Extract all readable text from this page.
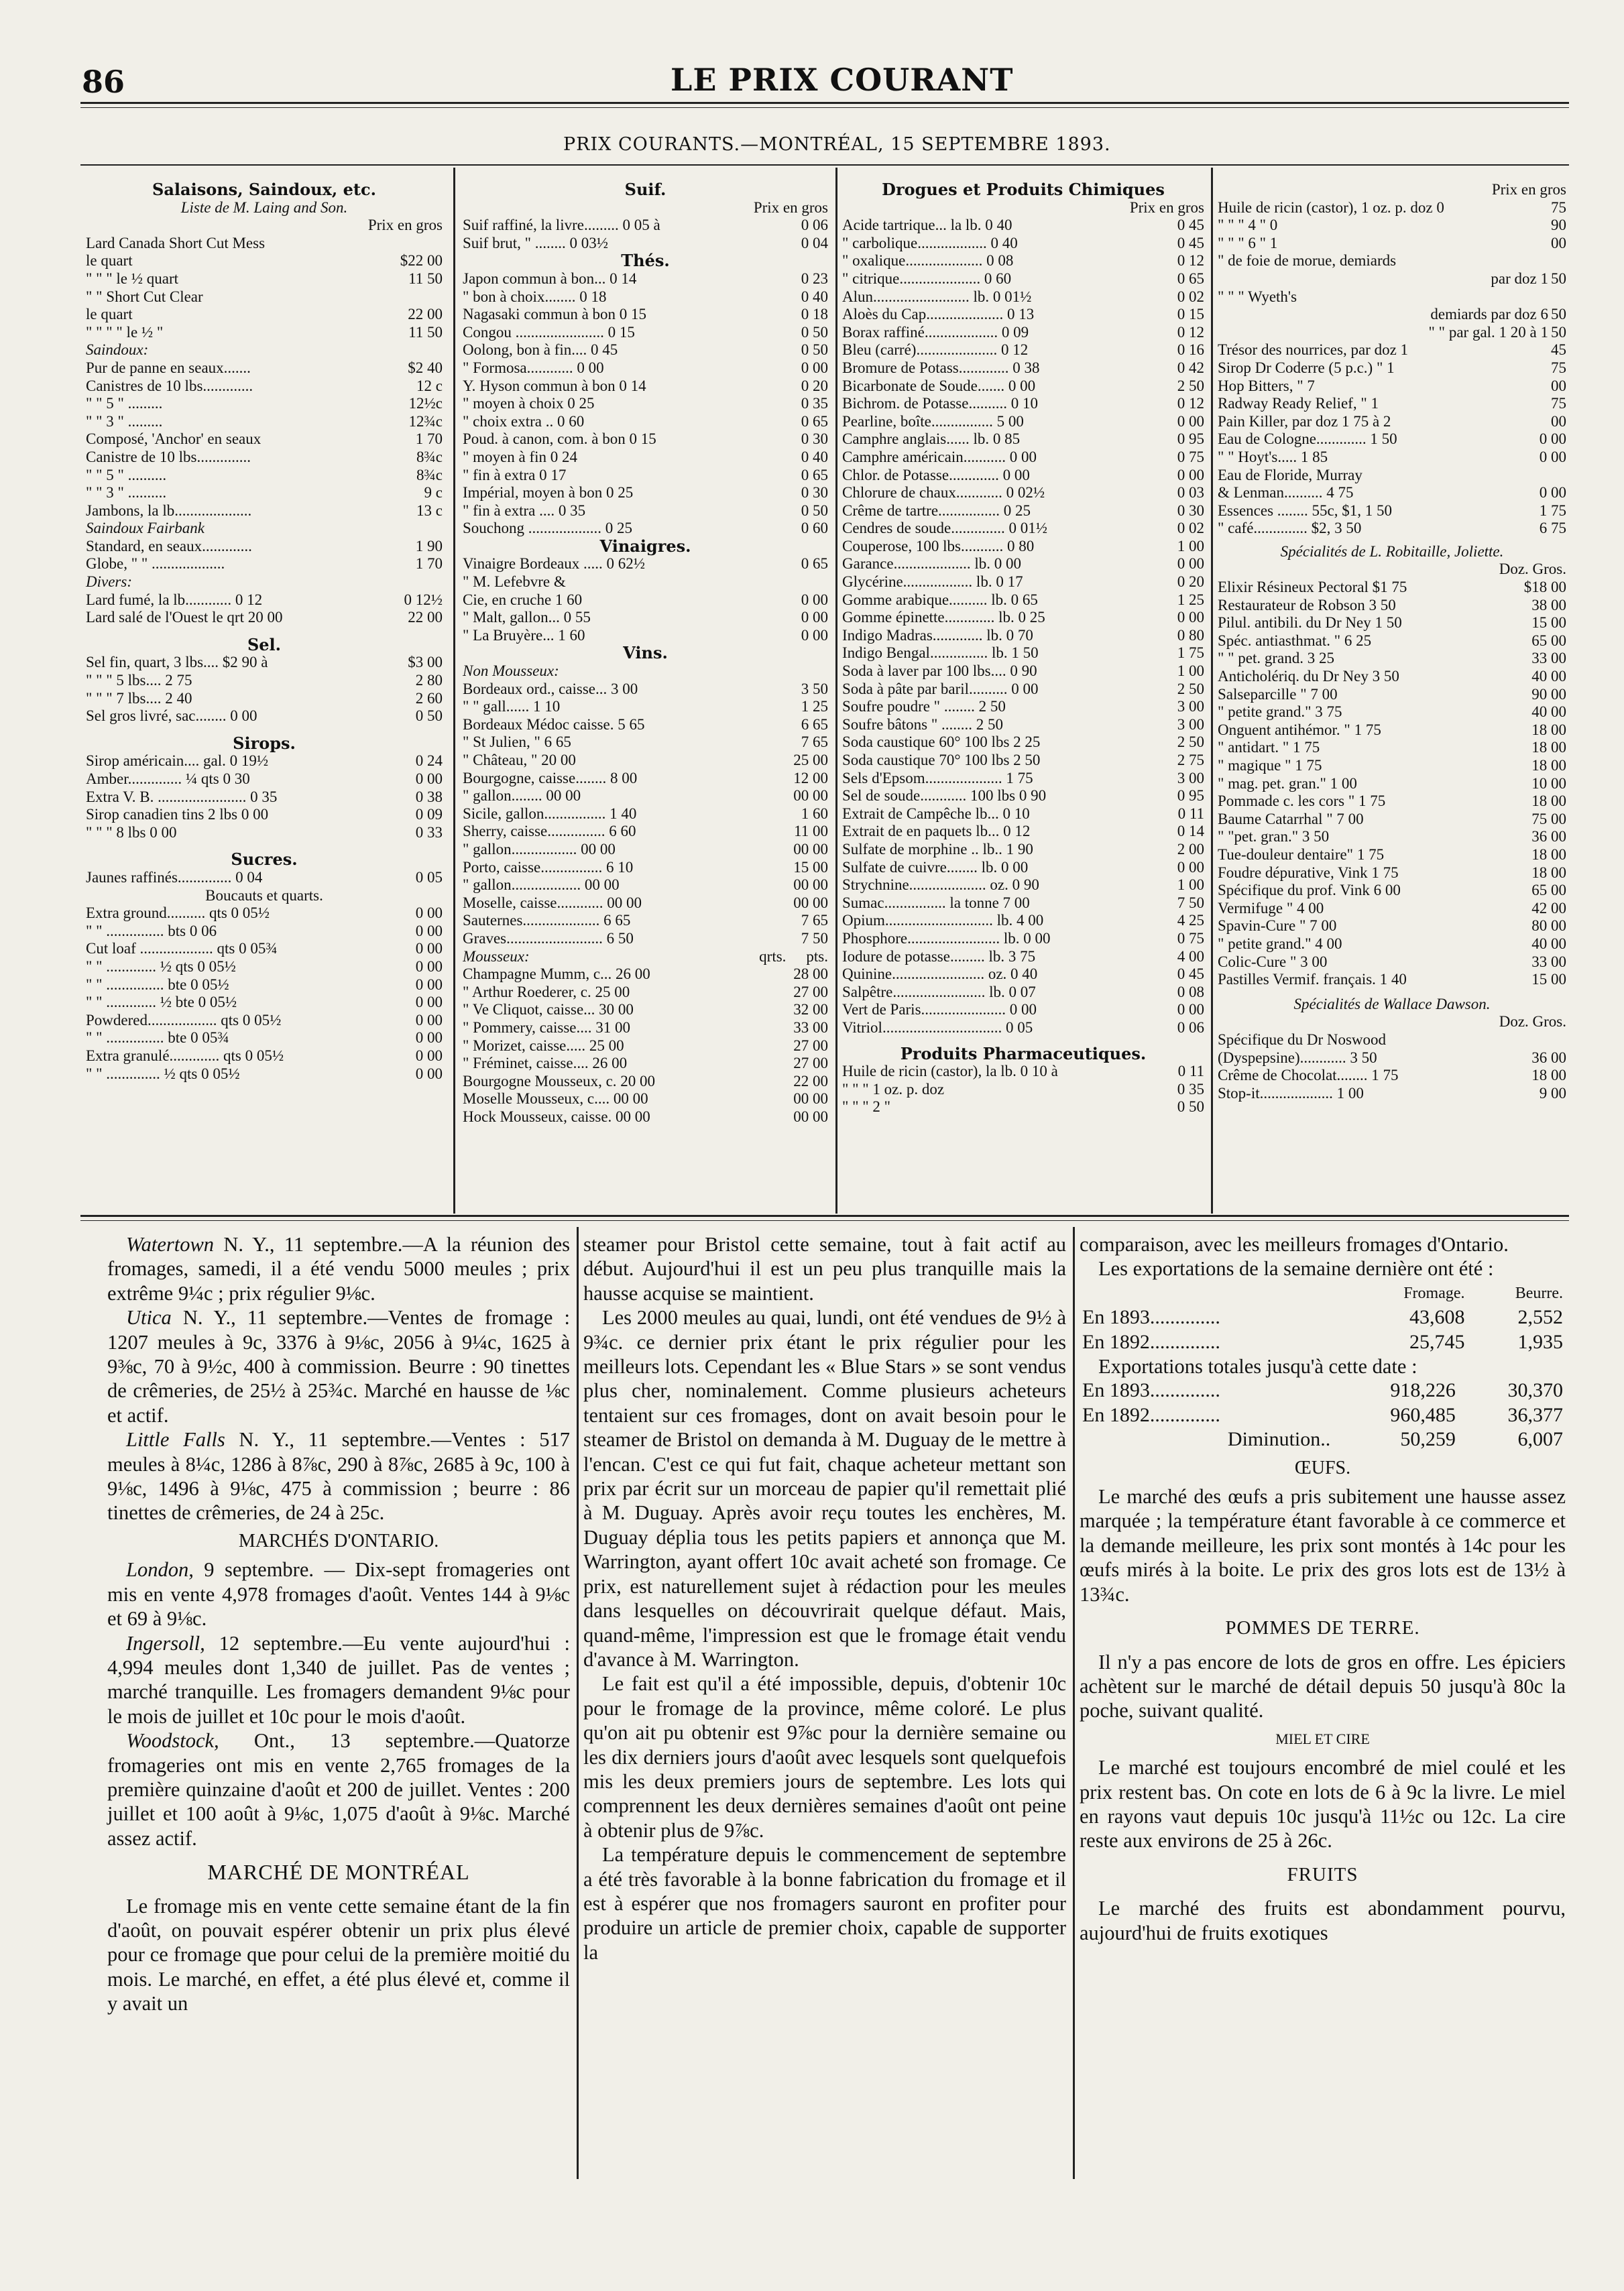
86	LE PRIX COURANT
PRIX COURANTS.—MONTRÉAL, 15 SEPTEMBRE 1893.
Salaisons, Saindoux, etc.
Liste de M. Laing and Son.
Prix en gros
Lard Canada Short Cut Mess
le quart	$22 00
" " " le ½ quart	11 50
" " Short Cut Clear
le quart	22 00
" " " " le ½ "	11 50
Saindoux:
Pur de panne en seaux.......	$2 40
Canistres de 10 lbs.............	12 c
" " 5 " .........	12½c
" " 3 " .........	12¾c
Composé, 'Anchor' en seaux	1 70
Canistre de 10 lbs..............	8¾c
" " 5 " ..........	8¾c
" " 3 " ..........	9 c
Jambons, la lb....................	13 c
Saindoux Fairbank
Standard, en seaux.............	1 90
Globe, " " ...................	1 70
Divers:
Lard fumé, la lb............ 0 12	0 12½
Lard salé de l'Ouest le qrt 20 00	22 00
Sel.
Sel fin, quart, 3 lbs.... $2 90 à	$3 00
" " " 5 lbs.... 2 75	2 80
" " " 7 lbs.... 2 40	2 60
Sel gros livré, sac........ 0 00	0 50
Sirops.
Sirop américain.... gal. 0 19½	0 24
Amber.............. ¼ qts 0 30	0 00
Extra V. B. ....................... 0 35	0 38
Sirop canadien tins 2 lbs 0 00	0 09
" " " 8 lbs 0 00	0 33
Sucres.
Jaunes raffinés.............. 0 04	0 05
Boucauts et quarts.
Extra ground.......... qts 0 05½	0 00
" " ............... bts 0 06	0 00
Cut loaf ................... qts 0 05¾	0 00
" " ............. ½ qts 0 05½	0 00
" " ............... bte 0 05½	0 00
" " ............. ½ bte 0 05½	0 00
Powdered.................. qts 0 05½	0 00
" " ............... bte 0 05¾	0 00
Extra granulé............. qts 0 05½	0 00
" " .............. ½ qts 0 05½	0 00
Suif.
Prix en gros
Suif raffiné, la livre......... 0 05 à	0 06
Suif brut, " ........ 0 03½	0 04
Thés.
Japon commun à bon... 0 14	0 23
" bon à choix........ 0 18	0 40
Nagasaki commun à bon 0 15	0 18
Congou ....................... 0 15	0 50
Oolong, bon à fin.... 0 45	0 50
" Formosa............ 0 00	0 00
Y. Hyson commun à bon 0 14	0 20
" moyen à choix 0 25	0 35
" choix extra .. 0 60	0 65
Poud. à canon, com. à bon 0 15	0 30
" moyen à fin 0 24	0 40
" fin à extra 0 17	0 65
Impérial, moyen à bon 0 25	0 30
" fin à extra .... 0 35	0 50
Souchong ................... 0 25	0 60
Vinaigres.
Vinaigre Bordeaux ..... 0 62½	0 65
" M. Lefebvre &
Cie, en cruche 1 60	0 00
" Malt, gallon... 0 55	0 00
" La Bruyère... 1 60	0 00
Vins.
Non Mousseux:
Bordeaux ord., caisse... 3 00	3 50
" " gall...... 1 10	1 25
Bordeaux Médoc caisse. 5 65	6 65
" St Julien, " 6 65	7 65
" Château, " 20 00	25 00
Bourgogne, caisse........ 8 00	12 00
" gallon........ 00 00	00 00
Sicile, gallon................ 1 40	1 60
Sherry, caisse............... 6 60	11 00
" gallon................. 00 00	00 00
Porto, caisse................ 6 10	15 00
" gallon.................. 00 00	00 00
Moselle, caisse............ 00 00	00 00
Sauternes.................... 6 65	7 65
Graves......................... 6 50	7 50
Mousseux:	qrts. pts.
Champagne Mumm, c... 26 00	28 00
" Arthur Roederer, c. 25 00	27 00
" Ve Cliquot, caisse... 30 00	32 00
" Pommery, caisse.... 31 00	33 00
" Morizet, caisse..... 25 00	27 00
" Fréminet, caisse.... 26 00	27 00
Bourgogne Mousseux, c. 20 00	22 00
Moselle Mousseux, c.... 00 00	00 00
Hock Mousseux, caisse. 00 00	00 00
Drogues et Produits Chimiques
Prix en gros
Acide tartrique... la lb. 0 40	0 45
" carbolique.................. 0 40	0 45
" oxalique.................... 0 08	0 12
" citrique..................... 0 60	0 65
Alun......................... lb. 0 01½	0 02
Aloès du Cap.................... 0 13	0 15
Borax raffiné................... 0 09	0 12
Bleu (carré)..................... 0 12	0 16
Bromure de Potass............. 0 38	0 42
Bicarbonate de Soude....... 0 00	2 50
Bichrom. de Potasse.......... 0 10	0 12
Pearline, boîte................ 5 00	0 00
Camphre anglais...... lb. 0 85	0 95
Camphre américain........... 0 00	0 75
Chlor. de Potasse............. 0 00	0 00
Chlorure de chaux............ 0 02½	0 03
Crême de tartre................ 0 25	0 30
Cendres de soude.............. 0 01½	0 02
Couperose, 100 lbs........... 0 80	1 00
Garance.................... lb. 0 00	0 00
Glycérine.................. lb. 0 17	0 20
Gomme arabique.......... lb. 0 65	1 25
Gomme épinette............. lb. 0 25	0 00
Indigo Madras............. lb. 0 70	0 80
Indigo Bengal............... lb. 1 50	1 75
Soda à laver par 100 lbs.... 0 90	1 00
Soda à pâte par baril.......... 0 00	2 50
Soufre poudre " ........ 2 50	3 00
Soufre bâtons " ........ 2 50	3 00
Soda caustique 60° 100 lbs 2 25	2 50
Soda caustique 70° 100 lbs 2 50	2 75
Sels d'Epsom.................... 1 75	3 00
Sel de soude............ 100 lbs 0 90	0 95
Extrait de Campêche lb... 0 10	0 11
Extrait de en paquets lb... 0 12	0 14
Sulfate de morphine .. lb.. 1 90	2 00
Sulfate de cuivre........ lb. 0 00	0 00
Strychnine.................... oz. 0 90	1 00
Sumac................ la tonne 7 00	7 50
Opium............................ lb. 4 00	4 25
Phosphore........................ lb. 0 00	0 75
Iodure de potasse......... lb. 3 75	4 00
Quinine........................ oz. 0 40	0 45
Salpêtre........................ lb. 0 07	0 08
Vert de Paris...................... 0 00	0 00
Vitriol............................... 0 05	0 06
Produits Pharmaceutiques.
Huile de ricin (castor), la lb. 0 10 à	0 11
" " " 1 oz. p. doz	0 35
" " " 2 "	0 50
Prix en gros
Huile de ricin (castor), 1 oz. p. doz 0	75
" " " 4 " 0	90
" " " 6 " 1	00
" de foie de morue, demiards
par doz 1 50
" " " Wyeth's
demiards par doz 6 50
" " par gal. 1 20 à 1 50
Trésor des nourrices, par doz 1	45
Sirop Dr Coderre (5 p.c.) " 1	75
Hop Bitters, " 7	00
Radway Ready Relief, " 1	75
Pain Killer, par doz 1 75 à 2	00
Eau de Cologne............. 1 50	0 00
" " Hoyt's..... 1 85	0 00
Eau de Floride, Murray
& Lenman.......... 4 75	0 00
Essences ........ 55c, $1, 1 50	1 75
" café.............. $2, 3 50	6 75
Spécialités de L. Robitaille, Joliette.
Doz. Gros.
Elixir Résineux Pectoral $1 75	$18 00
Restaurateur de Robson 3 50	38 00
Pilul. antibili. du Dr Ney 1 50	15 00
Spéc. antiasthmat. " 6 25	65 00
" " pet. grand. 3 25	33 00
Anticholériq. du Dr Ney 3 50	40 00
Salseparcille " 7 00	90 00
" petite grand." 3 75	40 00
Onguent antihémor. " 1 75	18 00
" antidart. " 1 75	18 00
" magique " 1 75	18 00
" mag. pet. gran." 1 00	10 00
Pommade c. les cors " 1 75	18 00
Baume Catarrhal " 7 00	75 00
" "pet. gran." 3 50	36 00
Tue-douleur dentaire" 1 75	18 00
Foudre dépurative, Vink 1 75	18 00
Spécifique du prof. Vink 6 00	65 00
Vermifuge " 4 00	42 00
Spavin-Cure " 7 00	80 00
" petite grand." 4 00	40 00
Colic-Cure " 3 00	33 00
Pastilles Vermif. français. 1 40	15 00
Spécialités de Wallace Dawson.
Doz. Gros.
Spécifique du Dr Noswood
(Dyspepsine)............ 3 50	36 00
Crême de Chocolat........ 1 75	18 00
Stop-it................... 1 00	9 00

Watertown N. Y., 11 septembre.—A la réunion des fromages, samedi, il a été vendu 5000 meules ; prix extrême 9¼c ; prix régulier 9⅛c.

Utica N. Y., 11 septembre.—Ventes de fromage : 1207 meules à 9c, 3376 à 9⅛c, 2056 à 9¼c, 1625 à 9⅜c, 70 à 9½c, 400 à commission. Beurre : 90 tinettes de crêmeries, de 25½ à 25¾c. Marché en hausse de ⅛c et actif.

Little Falls N. Y., 11 septembre.—Ventes : 517 meules à 8¼c, 1286 à 8⅞c, 290 à 8⅞c, 2685 à 9c, 100 à 9⅛c, 1496 à 9⅛c, 475 à commission ; beurre : 86 tinettes de crêmeries, de 24 à 25c.

MARCHÉS D'ONTARIO.

London, 9 septembre. — Dix-sept fromageries ont mis en vente 4,978 fromages d'août. Ventes 144 à 9⅛c et 69 à 9⅛c.

Ingersoll, 12 septembre.—Eu vente aujourd'hui : 4,994 meules dont 1,340 de juillet. Pas de ventes ; marché tranquille. Les fromagers demandent 9⅛c pour le mois de juillet et 10c pour le mois d'août.

Woodstock, Ont., 13 septembre.—Quatorze fromageries ont mis en vente 2,765 fromages de la première quinzaine d'août et 200 de juillet. Ventes : 200 juillet et 100 août à 9⅛c, 1,075 d'août à 9⅛c. Marché assez actif.

MARCHÉ DE MONTRÉAL

Le fromage mis en vente cette semaine étant de la fin d'août, on pouvait espérer obtenir un prix plus élevé pour ce fromage que pour celui de la première moitié du mois. Le marché, en effet, a été plus élevé et, comme il y avait un

steamer pour Bristol cette semaine, tout à fait actif au début. Aujourd'hui il est un peu plus tranquille mais la hausse acquise se maintient.

Les 2000 meules au quai, lundi, ont été vendues de 9½ à 9¾c. ce dernier prix étant le prix régulier pour les meilleurs lots. Cependant les « Blue Stars » se sont vendus plus cher, nominalement. Comme plusieurs acheteurs tentaient sur ces fromages, dont on avait besoin pour le steamer de Bristol on demanda à M. Duguay de le mettre à l'encan. C'est ce qui fut fait, chaque acheteur mettant son prix par écrit sur un morceau de papier qu'il remettait plié à M. Duguay. Après avoir reçu toutes les enchères, M. Duguay déplia tous les petits papiers et annonça que M. Warrington, ayant offert 10c avait acheté son fromage. Ce prix, est naturellement sujet à rédaction pour les meules dans lesquelles on découvrirait quelque défaut. Mais, quand-même, l'impression est que le fromage était vendu d'avance à M. Warrington.

Le fait est qu'il a été impossible, depuis, d'obtenir 10c pour le fromage de la province, même coloré. Le plus qu'on ait pu obtenir est 9⅞c pour la dernière semaine ou les dix derniers jours d'août avec lesquels sont quelquefois mis les deux premiers jours de septembre. Les lots qui comprennent les deux dernières semaines d'août ont peine à obtenir plus de 9⅞c.

La température depuis le commencement de septembre a été très favorable à la bonne fabrication du fromage et il est à espérer que nos fromagers sauront en profiter pour produire un article de premier choix, capable de supporter la

comparaison, avec les meilleurs fromages d'Ontario.

Les exportations de la semaine dernière ont été :

	Fromage.	Beurre.
En 1893..............	43,608	2,552
En 1892..............	25,745	1,935

Exportations totales jusqu'à cette date :

En 1893..............	918,226	30,370
En 1892..............	960,485	36,377
Diminution..	50,259	6,007

ŒUFS.

Le marché des œufs a pris subitement une hausse assez marquée ; la température étant favorable à ce commerce et la demande meilleure, les prix sont montés à 14c pour les œufs mirés à la boite. Le prix des gros lots est de 13½ à 13¾c.

POMMES DE TERRE.

Il n'y a pas encore de lots de gros en offre. Les épiciers achètent sur le marché de détail depuis 50 jusqu'à 80c la poche, suivant qualité.

MIEL ET CIRE

Le marché est toujours encombré de miel coulé et les prix restent bas. On cote en lots de 6 à 9c la livre. Le miel en rayons vaut depuis 10c jusqu'à 11½c ou 12c. La cire reste aux environs de 25 à 26c.

FRUITS

Le marché des fruits est abondamment pourvu, aujourd'hui de fruits exotiques
